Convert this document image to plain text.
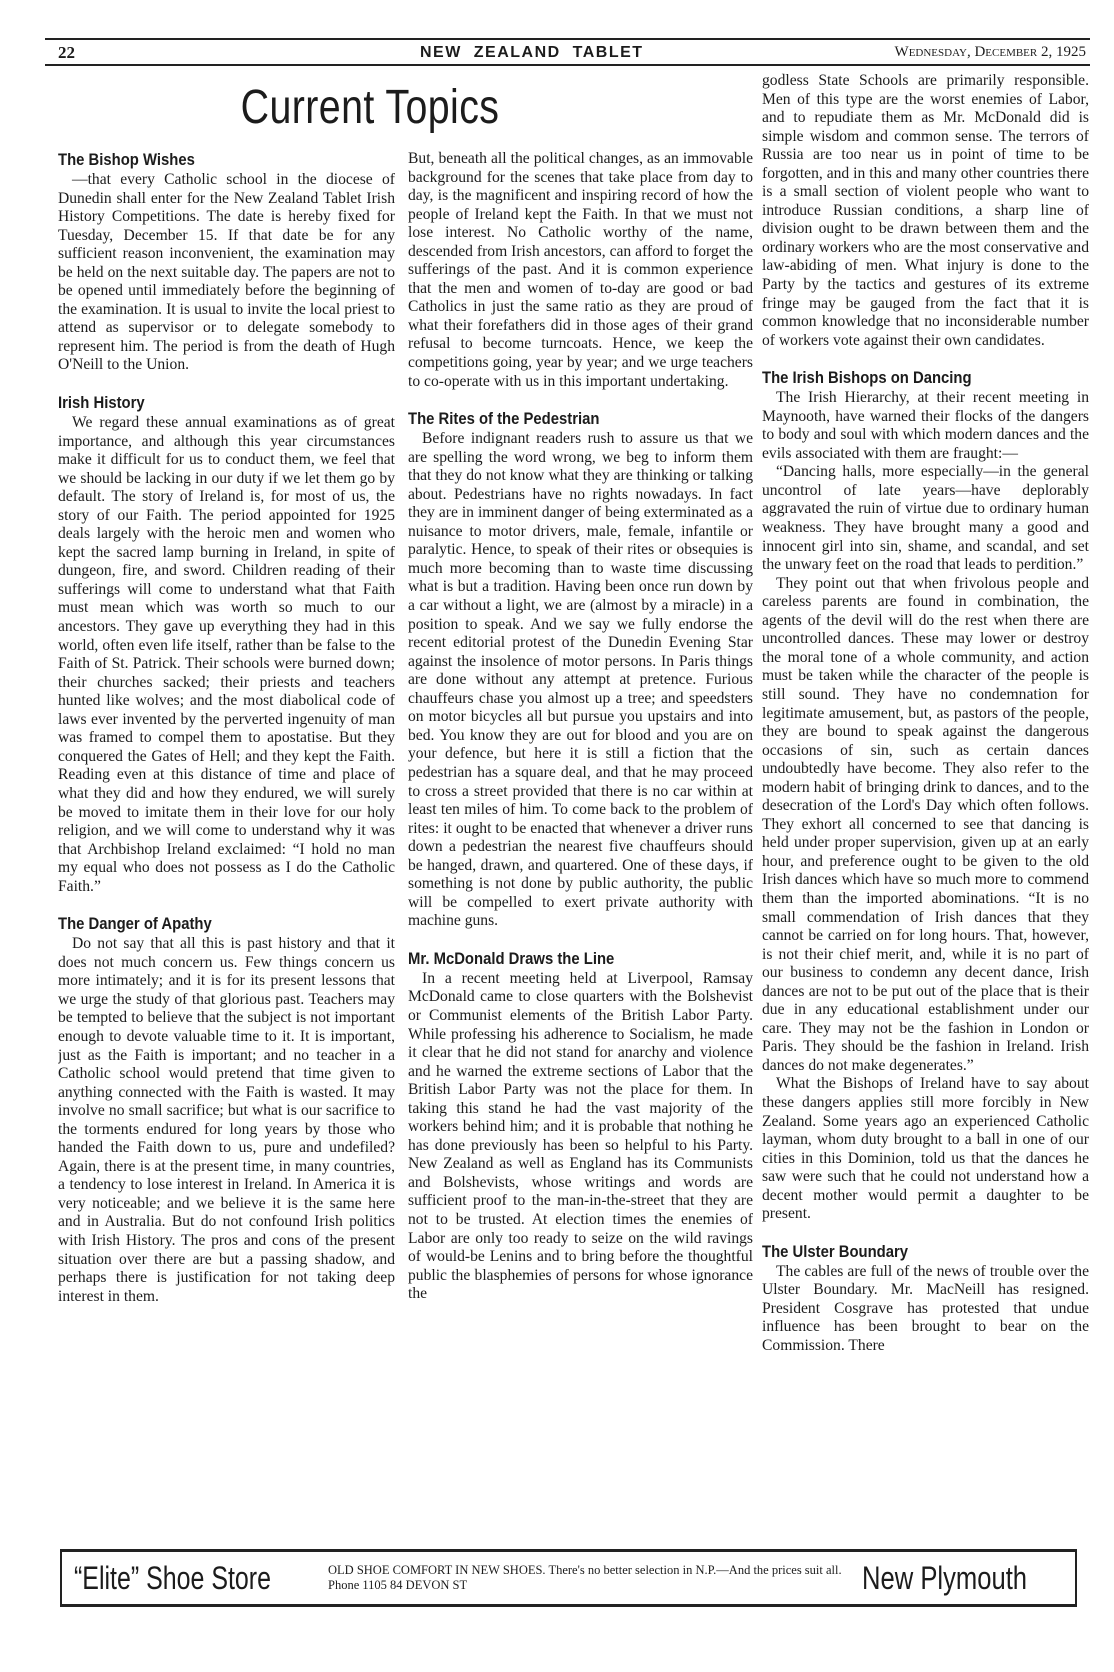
22	NEW ZEALAND TABLET	Wednesday, December 2, 1925
Current Topics
The Bishop Wishes

—that every Catholic school in the diocese of Dunedin shall enter for the New Zealand Tablet Irish History Competitions. The date is hereby fixed for Tuesday, December 15. If that date be for any sufficient reason inconvenient, the examination may be held on the next suitable day. The papers are not to be opened until immediately before the beginning of the examination. It is usual to invite the local priest to attend as supervisor or to delegate somebody to represent him. The period is from the death of Hugh O'Neill to the Union.

Irish History

We regard these annual examinations as of great importance, and although this year circumstances make it difficult for us to conduct them, we feel that we should be lacking in our duty if we let them go by default. The story of Ireland is, for most of us, the story of our Faith. The period appointed for 1925 deals largely with the heroic men and women who kept the sacred lamp burning in Ireland, in spite of dungeon, fire, and sword. Children reading of their sufferings will come to understand what that Faith must mean which was worth so much to our ancestors. They gave up everything they had in this world, often even life itself, rather than be false to the Faith of St. Patrick. Their schools were burned down; their churches sacked; their priests and teachers hunted like wolves; and the most diabolical code of laws ever invented by the perverted ingenuity of man was framed to compel them to apostatise. But they conquered the Gates of Hell; and they kept the Faith. Reading even at this distance of time and place of what they did and how they endured, we will surely be moved to imitate them in their love for our holy religion, and we will come to understand why it was that Archbishop Ireland exclaimed: “I hold no man my equal who does not possess as I do the Catholic Faith.”

The Danger of Apathy

Do not say that all this is past history and that it does not much concern us. Few things concern us more intimately; and it is for its present lessons that we urge the study of that glorious past. Teachers may be tempted to believe that the subject is not important enough to devote valuable time to it. It is important, just as the Faith is important; and no teacher in a Catholic school would pretend that time given to anything connected with the Faith is wasted. It may involve no small sacrifice; but what is our sacrifice to the torments endured for long years by those who handed the Faith down to us, pure and undefiled? Again, there is at the present time, in many countries, a tendency to lose interest in Ireland. In America it is very noticeable; and we believe it is the same here and in Australia. But do not confound Irish politics with Irish History. The pros and cons of the present situation over there are but a passing shadow, and perhaps there is justification for not taking deep interest in them.

But, beneath all the political changes, as an immovable background for the scenes that take place from day to day, is the magnificent and inspiring record of how the people of Ireland kept the Faith. In that we must not lose interest. No Catholic worthy of the name, descended from Irish ancestors, can afford to forget the sufferings of the past. And it is common experience that the men and women of to-day are good or bad Catholics in just the same ratio as they are proud of what their forefathers did in those ages of their grand refusal to become turncoats. Hence, we keep the competitions going, year by year; and we urge teachers to co-operate with us in this important undertaking.

The Rites of the Pedestrian

Before indignant readers rush to assure us that we are spelling the word wrong, we beg to inform them that they do not know what they are thinking or talking about. Pedestrians have no rights nowadays. In fact they are in imminent danger of being exterminated as a nuisance to motor drivers, male, female, infantile or paralytic. Hence, to speak of their rites or obsequies is much more becoming than to waste time discussing what is but a tradition. Having been once run down by a car without a light, we are (almost by a miracle) in a position to speak. And we say we fully endorse the recent editorial protest of the Dunedin Evening Star against the insolence of motor persons. In Paris things are done without any attempt at pretence. Furious chauffeurs chase you almost up a tree; and speedsters on motor bicycles all but pursue you upstairs and into bed. You know they are out for blood and you are on your defence, but here it is still a fiction that the pedestrian has a square deal, and that he may proceed to cross a street provided that there is no car within at least ten miles of him. To come back to the problem of rites: it ought to be enacted that whenever a driver runs down a pedestrian the nearest five chauffeurs should be hanged, drawn, and quartered. One of these days, if something is not done by public authority, the public will be compelled to exert private authority with machine guns.

Mr. McDonald Draws the Line

In a recent meeting held at Liverpool, Ramsay McDonald came to close quarters with the Bolshevist or Communist elements of the British Labor Party. While professing his adherence to Socialism, he made it clear that he did not stand for anarchy and violence and he warned the extreme sections of Labor that the British Labor Party was not the place for them. In taking this stand he had the vast majority of the workers behind him; and it is probable that nothing he has done previously has been so helpful to his Party. New Zealand as well as England has its Communists and Bolshevists, whose writings and words are sufficient proof to the man-in-the-street that they are not to be trusted. At election times the enemies of Labor are only too ready to seize on the wild ravings of would-be Lenins and to bring before the thoughtful public the blasphemies of persons for whose ignorance the

godless State Schools are primarily responsible. Men of this type are the worst enemies of Labor, and to repudiate them as Mr. McDonald did is simple wisdom and common sense. The terrors of Russia are too near us in point of time to be forgotten, and in this and many other countries there is a small section of violent people who want to introduce Russian conditions, a sharp line of division ought to be drawn between them and the ordinary workers who are the most conservative and law-abiding of men. What injury is done to the Party by the tactics and gestures of its extreme fringe may be gauged from the fact that it is common knowledge that no inconsiderable number of workers vote against their own candidates.

The Irish Bishops on Dancing

The Irish Hierarchy, at their recent meeting in Maynooth, have warned their flocks of the dangers to body and soul with which modern dances and the evils associated with them are fraught:—

“Dancing halls, more especially—in the general uncontrol of late years—have deplorably aggravated the ruin of virtue due to ordinary human weakness. They have brought many a good and innocent girl into sin, shame, and scandal, and set the unwary feet on the road that leads to perdition.”

They point out that when frivolous people and careless parents are found in combination, the agents of the devil will do the rest when there are uncontrolled dances. These may lower or destroy the moral tone of a whole community, and action must be taken while the character of the people is still sound. They have no condemnation for legitimate amusement, but, as pastors of the people, they are bound to speak against the dangerous occasions of sin, such as certain dances undoubtedly have become. They also refer to the modern habit of bringing drink to dances, and to the desecration of the Lord's Day which often follows. They exhort all concerned to see that dancing is held under proper supervision, given up at an early hour, and preference ought to be given to the old Irish dances which have so much more to commend them than the imported abominations. “It is no small commendation of Irish dances that they cannot be carried on for long hours. That, however, is not their chief merit, and, while it is no part of our business to condemn any decent dance, Irish dances are not to be put out of the place that is their due in any educational establishment under our care. They may not be the fashion in London or Paris. They should be the fashion in Ireland. Irish dances do not make degenerates.”

What the Bishops of Ireland have to say about these dangers applies still more forcibly in New Zealand. Some years ago an experienced Catholic layman, whom duty brought to a ball in one of our cities in this Dominion, told us that the dances he saw were such that he could not understand how a decent mother would permit a daughter to be present.

The Ulster Boundary

The cables are full of the news of trouble over the Ulster Boundary. Mr. MacNeill has resigned. President Cosgrave has protested that undue influence has been brought to bear on the Commission. There

“Elite” Shoe Store	OLD SHOE COMFORT IN NEW SHOES. There's no better selection in N.P.—And the prices suit all. Phone 1105 84 DEVON ST	New Plymouth
